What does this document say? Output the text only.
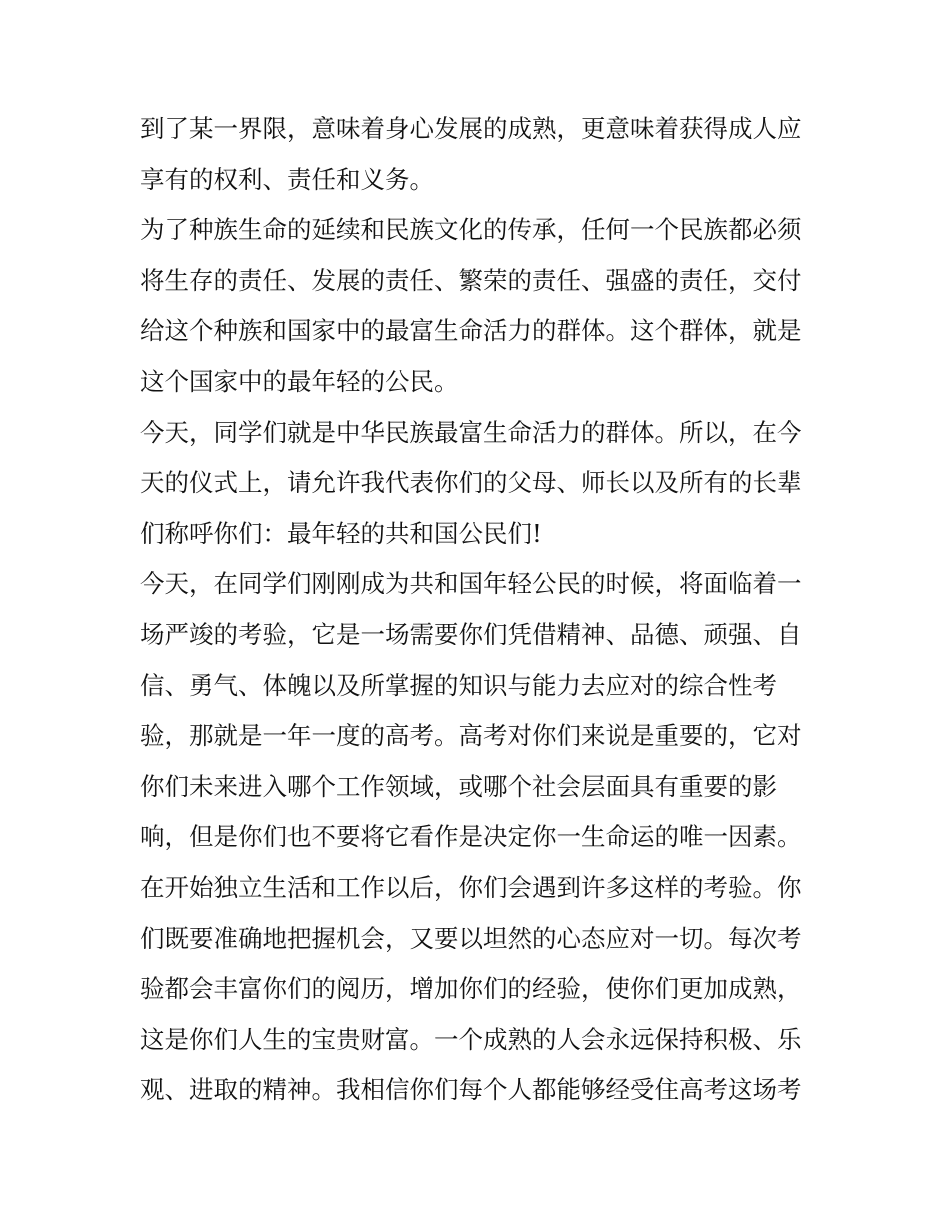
到了某一界限，意味着身心发展的成熟，更意味着获得成人应
享有的权利、责任和义务。
为了种族生命的延续和民族文化的传承，任何一个民族都必须
将生存的责任、发展的责任、繁荣的责任、强盛的责任，交付
给这个种族和国家中的最富生命活力的群体。这个群体，就是
这个国家中的最年轻的公民。
今天，同学们就是中华民族最富生命活力的群体。所以，在今
天的仪式上，请允许我代表你们的父母、师长以及所有的长辈
们称呼你们：最年轻的共和国公民们!
今天，在同学们刚刚成为共和国年轻公民的时候，将面临着一
场严竣的考验，它是一场需要你们凭借精神、品德、顽强、自
信、勇气、体魄以及所掌握的知识与能力去应对的综合性考
验，那就是一年一度的高考。高考对你们来说是重要的，它对
你们未来进入哪个工作领域，或哪个社会层面具有重要的影
响，但是你们也不要将它看作是决定你一生命运的唯一因素。
在开始独立生活和工作以后，你们会遇到许多这样的考验。你
们既要准确地把握机会，又要以坦然的心态应对一切。每次考
验都会丰富你们的阅历，增加你们的经验，使你们更加成熟，
这是你们人生的宝贵财富。一个成熟的人会永远保持积极、乐
观、进取的精神。我相信你们每个人都能够经受住高考这场考
